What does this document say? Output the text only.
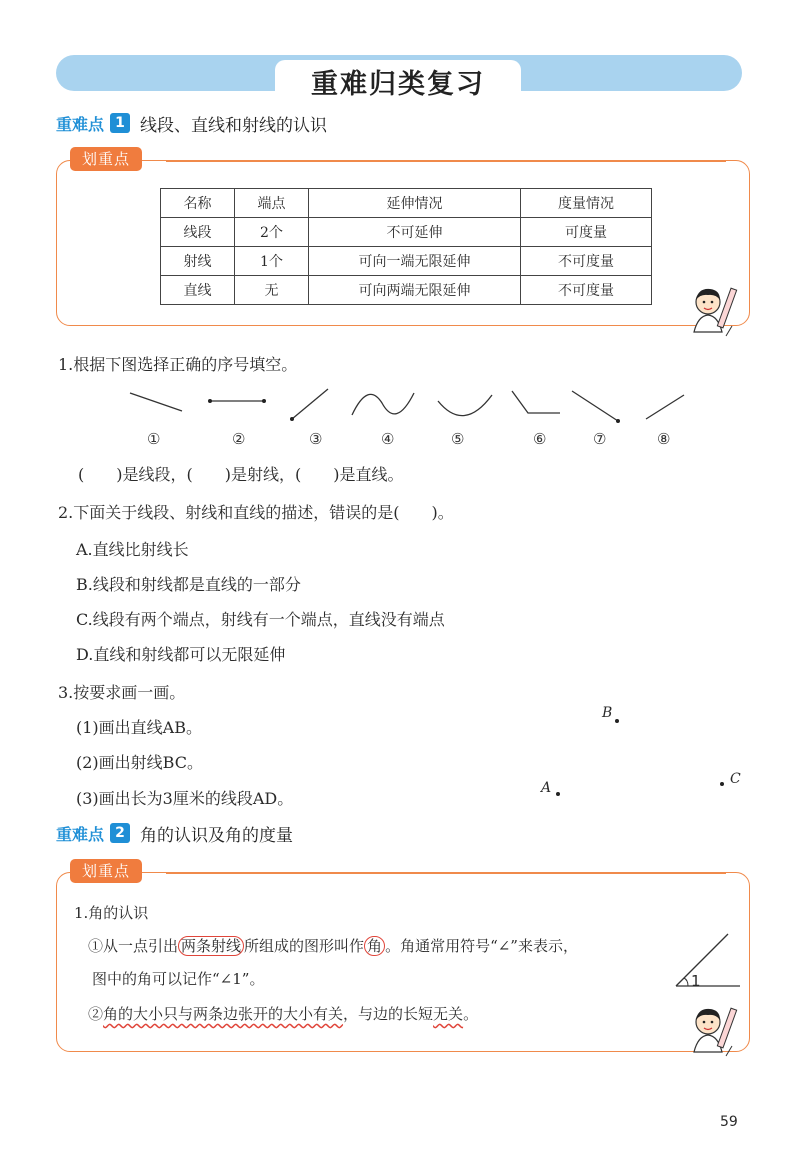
重难归类复习
重难点 1 线段、直线和射线的认识
划重点
名称	端点	延伸情况	度量情况
线段	2个	不可延伸	可度量
射线	1个	可向一端无限延伸	不可度量
直线	无	可向两端无限延伸	不可度量
1.根据下图选择正确的序号填空。
①	②	③	④	⑤	⑥	⑦	⑧
(　　)是线段，(　　)是射线，(　　)是直线。
2.下面关于线段、射线和直线的描述，错误的是(　　)。
A.直线比射线长
B.线段和射线都是直线的一部分
C.线段有两个端点，射线有一个端点，直线没有端点
D.直线和射线都可以无限延伸
3.按要求画一画。
(1)画出直线AB。
(2)画出射线BC。
(3)画出长为3厘米的线段AD。
B
A
C
重难点 2 角的认识及角的度量
划重点
1.角的认识
①从一点引出 两条射线 所组成的图形叫作 角 。角通常用符号“∠”来表示，
图中的角可以记作“∠1”。
②角的大小只与两条边张开的大小有关，与边的长短无关。
1
59
